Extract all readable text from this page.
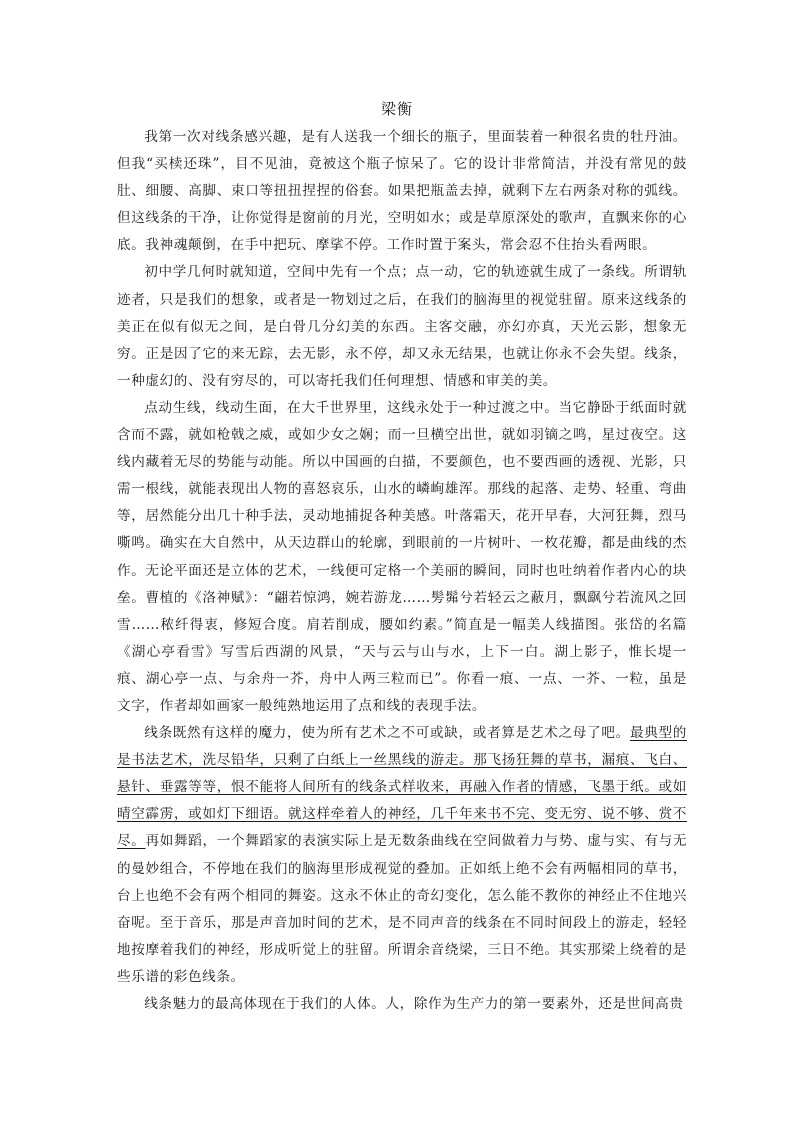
梁衡

我第一次对线条感兴趣，是有人送我一个细长的瓶子，里面装着一种很名贵的牡丹油。但我“买椟还珠”，目不见油，竟被这个瓶子惊呆了。它的设计非常简洁，并没有常见的鼓肚、细腰、高脚、束口等扭扭捏捏的俗套。如果把瓶盖去掉，就剩下左右两条对称的弧线。但这线条的干净，让你觉得是窗前的月光，空明如水；或是草原深处的歌声，直飘来你的心底。我神魂颠倒，在手中把玩、摩挲不停。工作时置于案头，常会忍不住抬头看两眼。

初中学几何时就知道，空间中先有一个点；点一动，它的轨迹就生成了一条线。所谓轨迹者，只是我们的想象，或者是一物划过之后，在我们的脑海里的视觉驻留。原来这线条的美正在似有似无之间，是白骨几分幻美的东西。主客交融，亦幻亦真，天光云影，想象无穷。正是因了它的来无踪，去无影，永不停，却又永无结果，也就让你永不会失望。线条，一种虚幻的、没有穷尽的，可以寄托我们任何理想、情感和审美的美。

点动生线，线动生面，在大千世界里，这线永处于一种过渡之中。当它静卧于纸面时就含而不露，就如枪戟之威，或如少女之娴；而一旦横空出世，就如羽镝之鸣，星过夜空。这线内藏着无尽的势能与动能。所以中国画的白描，不要颜色，也不要西画的透视、光影，只需一根线，就能表现出人物的喜怒哀乐，山水的嶙峋雄浑。那线的起落、走势、轻重、弯曲等，居然能分出几十种手法，灵动地捕捉各种美感。叶落霜天，花开早春，大河狂舞，烈马嘶鸣。确实在大自然中，从天边群山的轮廓，到眼前的一片树叶、一枚花瓣，都是曲线的杰作。无论平面还是立体的艺术，一线便可定格一个美丽的瞬间，同时也吐纳着作者内心的块垒。曹植的《洛神赋》：“翩若惊鸿，婉若游龙……髣髴兮若轻云之蔽月，飘飖兮若流风之回雪……秾纤得衷，修短合度。肩若削成，腰如约素。”简直是一幅美人线描图。张岱的名篇《湖心亭看雪》写雪后西湖的风景，“天与云与山与水，上下一白。湖上影子，惟长堤一痕、湖心亭一点、与余舟一芥，舟中人两三粒而已”。你看一痕、一点、一芥、一粒，虽是文字，作者却如画家一般纯熟地运用了点和线的表现手法。

线条既然有这样的魔力，使为所有艺术之不可或缺，或者算是艺术之母了吧。最典型的是书法艺术，洗尽铅华，只剩了白纸上一丝黑线的游走。那飞扬狂舞的草书，漏痕、飞白、悬针、垂露等等，恨不能将人间所有的线条式样收来，再融入作者的情感，飞墨于纸。或如晴空霹雳，或如灯下细语。就这样牵着人的神经，几千年来书不完、变无穷、说不够、赏不尽。再如舞蹈，一个舞蹈家的表演实际上是无数条曲线在空间做着力与势、虚与实、有与无的曼妙组合，不停地在我们的脑海里形成视觉的叠加。正如纸上绝不会有两幅相同的草书，台上也绝不会有两个相同的舞姿。这永不休止的奇幻变化，怎么能不教你的神经止不住地兴奋呢。至于音乐，那是声音加时间的艺术，是不同声音的线条在不同时间段上的游走，轻轻地按摩着我们的神经，形成听觉上的驻留。所谓余音绕梁，三日不绝。其实那梁上绕着的是些乐谱的彩色线条。

线条魅力的最高体现在于我们的人体。人，除作为生产力的第一要素外，还是世间高贵
